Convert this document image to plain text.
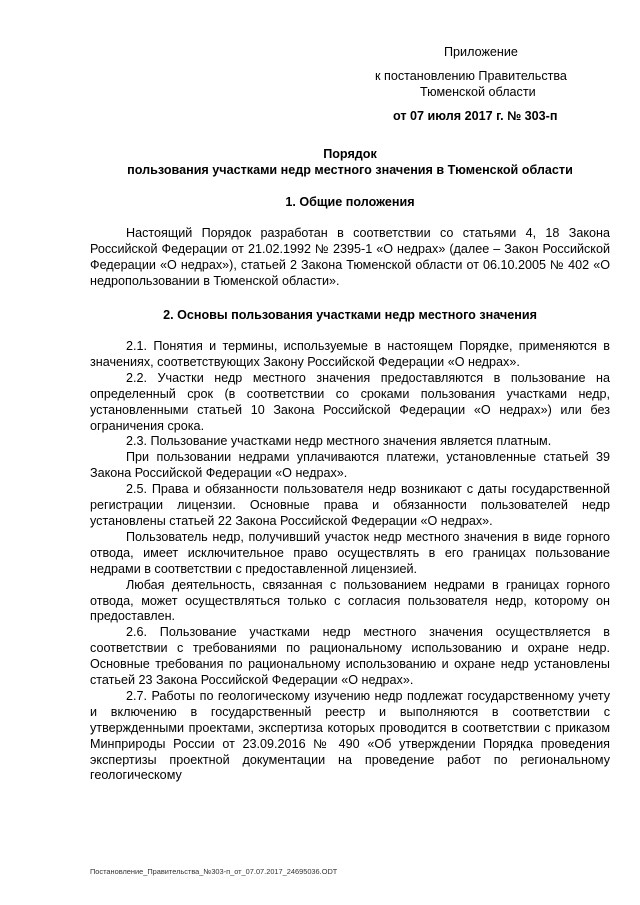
Приложение
к постановлению Правительства
Тюменской области
от 07 июля 2017 г. № 303-п
Порядок
пользования участками недр местного значения в Тюменской области
1. Общие положения

Настоящий Порядок разработан в соответствии со статьями 4, 18 Закона Российской Федерации от 21.02.1992 № 2395-1 «О недрах» (далее – Закон Российской Федерации «О недрах»), статьей 2 Закона Тюменской области от 06.10.2005 № 402 «О недропользовании в Тюменской области».

2. Основы пользования участками недр местного значения

2.1. Понятия и термины, используемые в настоящем Порядке, применяются в значениях, соответствующих Закону Российской Федерации «О недрах».

2.2. Участки недр местного значения предоставляются в пользование на определенный срок (в соответствии со сроками пользования участками недр, установленными статьей 10 Закона Российской Федерации «О недрах») или без ограничения срока.

2.3. Пользование участками недр местного значения является платным.

При пользовании недрами уплачиваются платежи, установленные статьей 39 Закона Российской Федерации «О недрах».

2.5. Права и обязанности пользователя недр возникают с даты государственной регистрации лицензии. Основные права и обязанности пользователей недр установлены статьей 22 Закона Российской Федерации «О недрах».

Пользователь недр, получивший участок недр местного значения в виде горного отвода, имеет исключительное право осуществлять в его границах пользование недрами в соответствии с предоставленной лицензией.

Любая деятельность, связанная с пользованием недрами в границах горного отвода, может осуществляться только с согласия пользователя недр, которому он предоставлен.

2.6. Пользование участками недр местного значения осуществляется в соответствии с требованиями по рациональному использованию и охране недр. Основные требования по рациональному использованию и охране недр установлены статьей 23 Закона Российской Федерации «О недрах».

2.7. Работы по геологическому изучению недр подлежат государственному учету и включению в государственный реестр и выполняются в соответствии с утвержденными проектами, экспертиза которых проводится в соответствии с приказом Минприроды России от 23.09.2016 № 490 «Об утверждении Порядка проведения экспертизы проектной документации на проведение работ по региональному геологическому

Постановление_Правительства_№303-п_от_07.07.2017_24695036.ODT
